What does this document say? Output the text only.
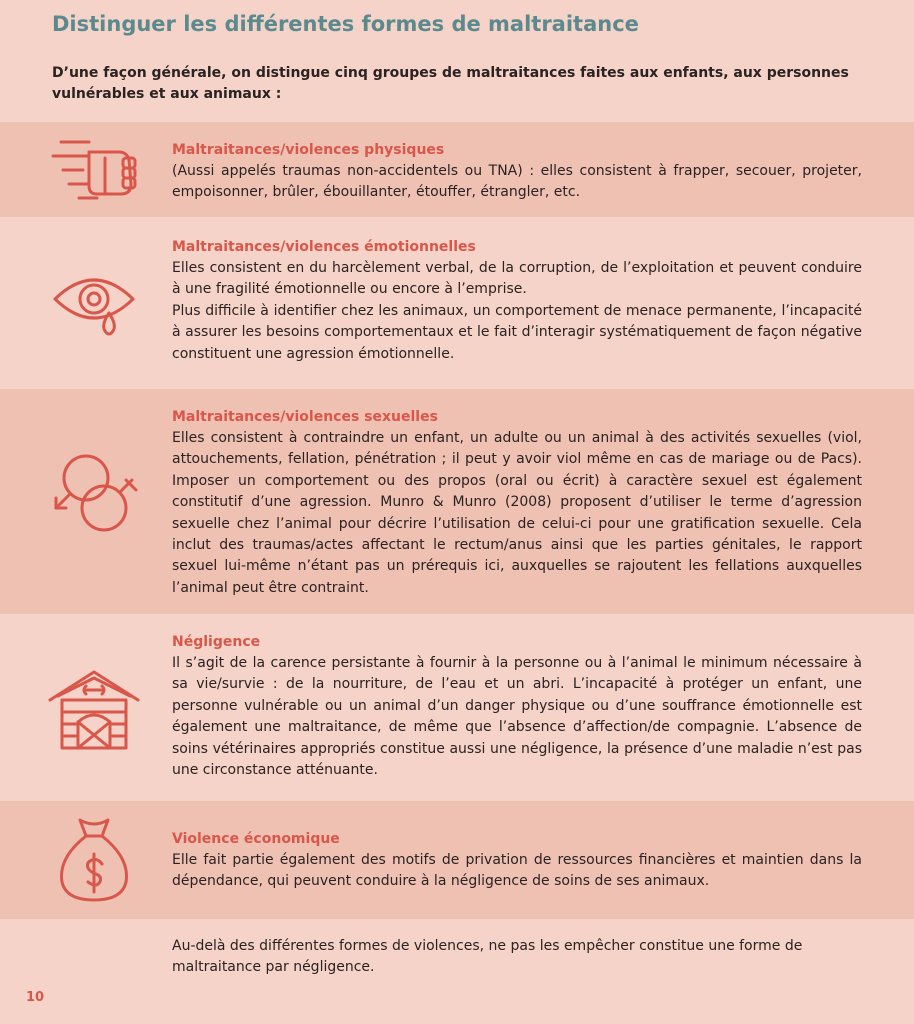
Distinguer les différentes formes de maltraitance

D’une façon générale, on distingue cinq groupes de maltraitances faites aux enfants, aux personnes vulnérables et aux animaux :

Maltraitances/violences physiques

(Aussi appelés traumas non-accidentels ou TNA) : elles consistent à frapper, secouer, projeter, empoisonner, brûler, ébouillanter, étouffer, étrangler, etc.

Maltraitances/violences émotionnelles

Elles consistent en du harcèlement verbal, de la corruption, de l’exploitation et peuvent conduire à une fragilité émotionnelle ou encore à l’emprise.

Plus difficile à identifier chez les animaux, un comportement de menace permanente, l’incapacité à assurer les besoins comportementaux et le fait d’interagir systématiquement de façon négative constituent une agression émotionnelle.

Maltraitances/violences sexuelles

Elles consistent à contraindre un enfant, un adulte ou un animal à des activités sexuelles (viol, attouchements, fellation, pénétration ; il peut y avoir viol même en cas de mariage ou de Pacs). Imposer un comportement ou des propos (oral ou écrit) à caractère sexuel est également constitutif d’une agression. Munro & Munro (2008) proposent d’utiliser le terme d’agression sexuelle chez l’animal pour décrire l’utilisation de celui-ci pour une gratification sexuelle. Cela inclut des traumas/actes affectant le rectum/anus ainsi que les parties génitales, le rapport sexuel lui-même n’étant pas un prérequis ici, auxquelles se rajoutent les fellations auxquelles l’animal peut être contraint.

Négligence

Il s’agit de la carence persistante à fournir à la personne ou à l’animal le minimum nécessaire à sa vie/survie : de la nourriture, de l’eau et un abri. L’incapacité à protéger un enfant, une personne vulnérable ou un animal d’un danger physique ou d’une souffrance émotionnelle est également une maltraitance, de même que l’absence d’affection/de compagnie. L’absence de soins vétérinaires appropriés constitue aussi une négligence, la présence d’une maladie n’est pas une circonstance atténuante.

Violence économique

Elle fait partie également des motifs de privation de ressources financières et maintien dans la dépendance, qui peuvent conduire à la négligence de soins de ses animaux.

Au-delà des différentes formes de violences, ne pas les empêcher constitue une forme de maltraitance par négligence.

10
